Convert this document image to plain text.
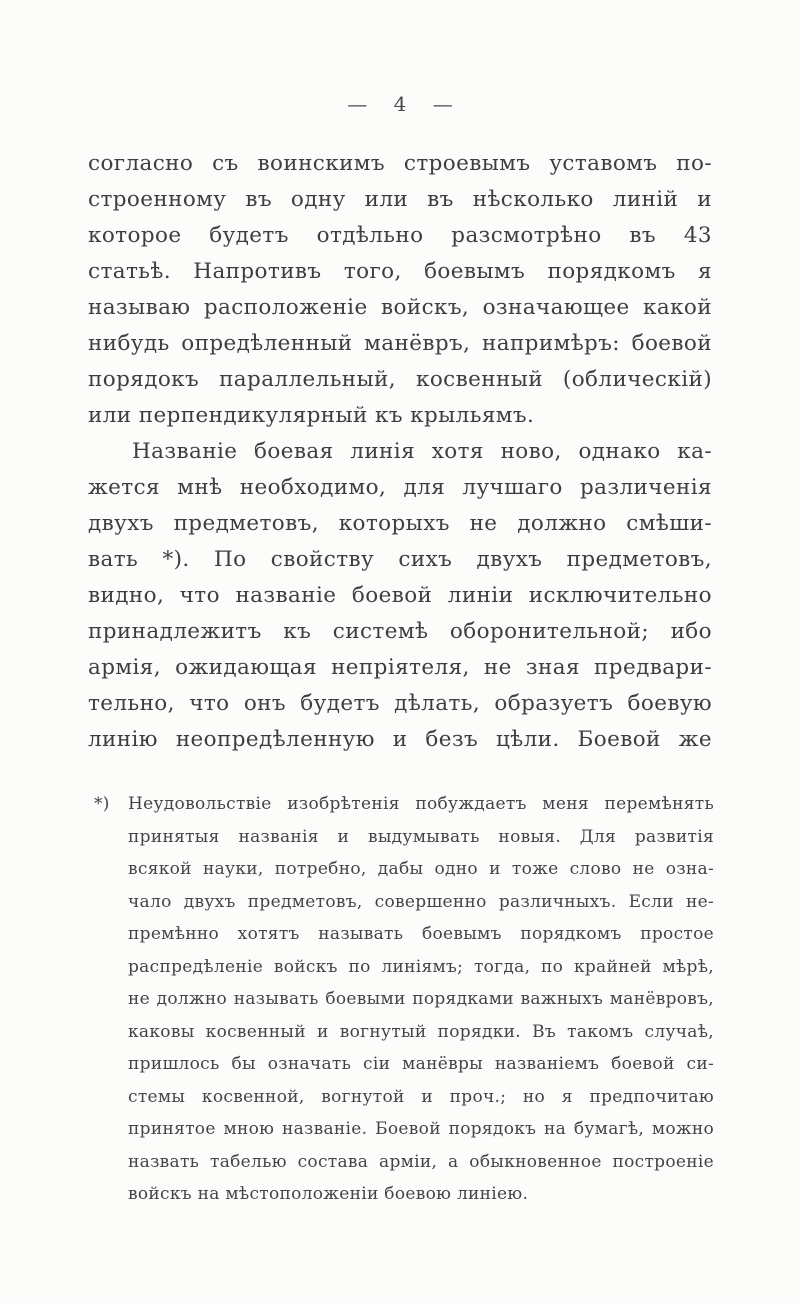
— 4 —
согласно съ воинскимъ строевымъ уставомъ по-
строенному въ одну или въ нѣсколько линій и
которое будетъ отдѣльно разсмотрѣно въ 43
статьѣ. Напротивъ того, боевымъ порядкомъ я
называю расположеніе войскъ, означающее какой
нибудь опредѣленный манёвръ, напримѣръ: боевой
порядокъ параллельный, косвенный (облическій)
или перпендикулярный къ крыльямъ.
Названіе боевая линія хотя ново, однако ка-
жется мнѣ необходимо, для лучшаго различенія
двухъ предметовъ, которыхъ не должно смѣши-
вать *). По свойству сихъ двухъ предметовъ,
видно, что названіе боевой линіи исключительно
принадлежитъ къ системѣ оборонительной; ибо
армія, ожидающая непріятеля, не зная предвари-
тельно, что онъ будетъ дѣлать, образуетъ боевую
линію неопредѣленную и безъ цѣли. Боевой же
*) Неудовольствіе изобрѣтенія побуждаетъ меня перемѣнять
принятыя названія и выдумывать новыя. Для развитія
всякой науки, потребно, дабы одно и тоже слово не озна-
чало двухъ предметовъ, совершенно различныхъ. Если не-
премѣнно хотятъ называть боевымъ порядкомъ простое
распредѣленіе войскъ по линіямъ; тогда, по крайней мѣрѣ,
не должно называть боевыми порядками важныхъ манёвровъ,
каковы косвенный и вогнутый порядки. Въ такомъ случаѣ,
пришлось бы означать сіи манёвры названіемъ боевой си-
стемы косвенной, вогнутой и проч.; но я предпочитаю
принятое мною названіе. Боевой порядокъ на бумагѣ, можно
назвать табелью состава арміи, а обыкновенное построеніе
войскъ на мѣстоположеніи боевою линіею.
